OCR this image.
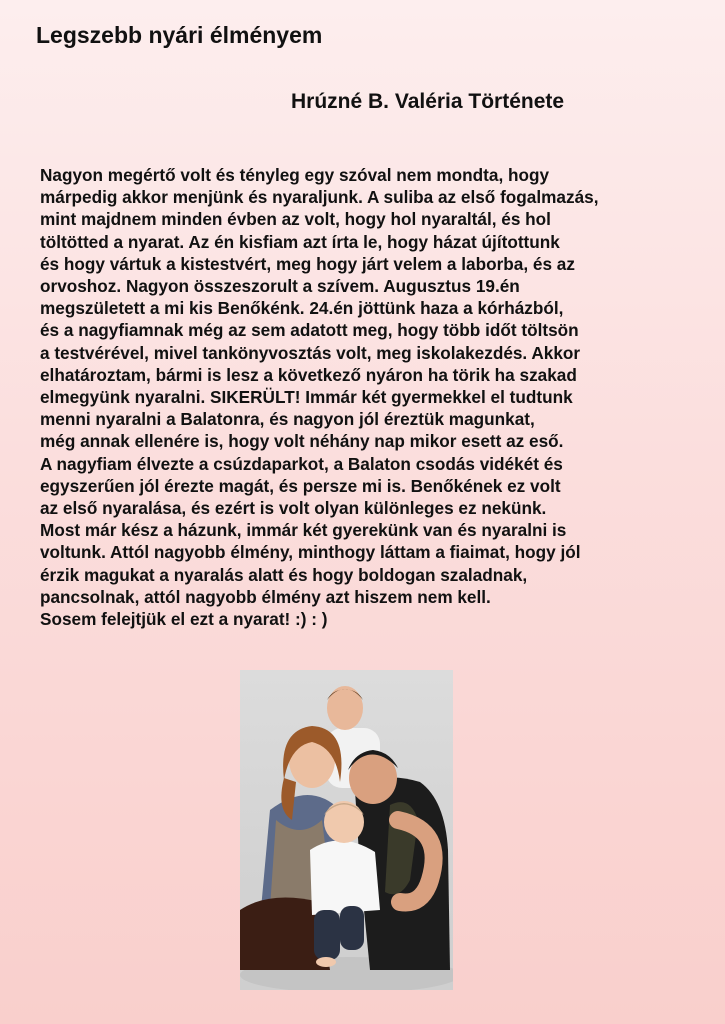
Legszebb nyári élményem
Hrúzné B. Valéria Története
Nagyon megértő volt és tényleg egy szóval nem mondta, hogy
márpedig akkor menjünk és nyaraljunk. A suliba az első fogalmazás,
mint majdnem minden évben az volt, hogy hol nyaraltál, és hol
töltötted a nyarat. Az én kisfiam azt írta le, hogy házat újítottunk
és hogy vártuk a kistestvért, meg hogy járt velem a laborba, és az
orvoshoz. Nagyon összeszorult a szívem. Augusztus 19.én
megszületett a mi kis Benőkénk. 24.én jöttünk haza a kórházból,
és a nagyfiamnak még az sem adatott meg, hogy több időt töltsön
a testvérével, mivel tankönyvosztás volt, meg iskolakezdés. Akkor
elhatároztam, bármi is lesz a következő nyáron ha törik ha szakad
elmegyünk nyaralni. SIKERÜLT! Immár két gyermekkel el tudtunk
menni nyaralni a Balatonra, és nagyon jól éreztük magunkat,
még annak ellenére is, hogy volt néhány nap mikor esett az eső.
A nagyfiam élvezte a csúzdaparkot, a Balaton csodás vidékét és
egyszerűen jól érezte magát, és persze mi is. Benőkének ez volt
az első nyaralása, és ezért is volt olyan különleges ez nekünk.
Most már kész a házunk, immár két gyerekünk van és nyaralni is
voltunk. Attól nagyobb élmény, minthogy láttam a fiaimat, hogy jól
érzik magukat a nyaralás alatt és hogy boldogan szaladnak,
pancsolnak, attól nagyobb élmény azt hiszem nem kell.
Sosem felejtjük el ezt a nyarat! :) : )
